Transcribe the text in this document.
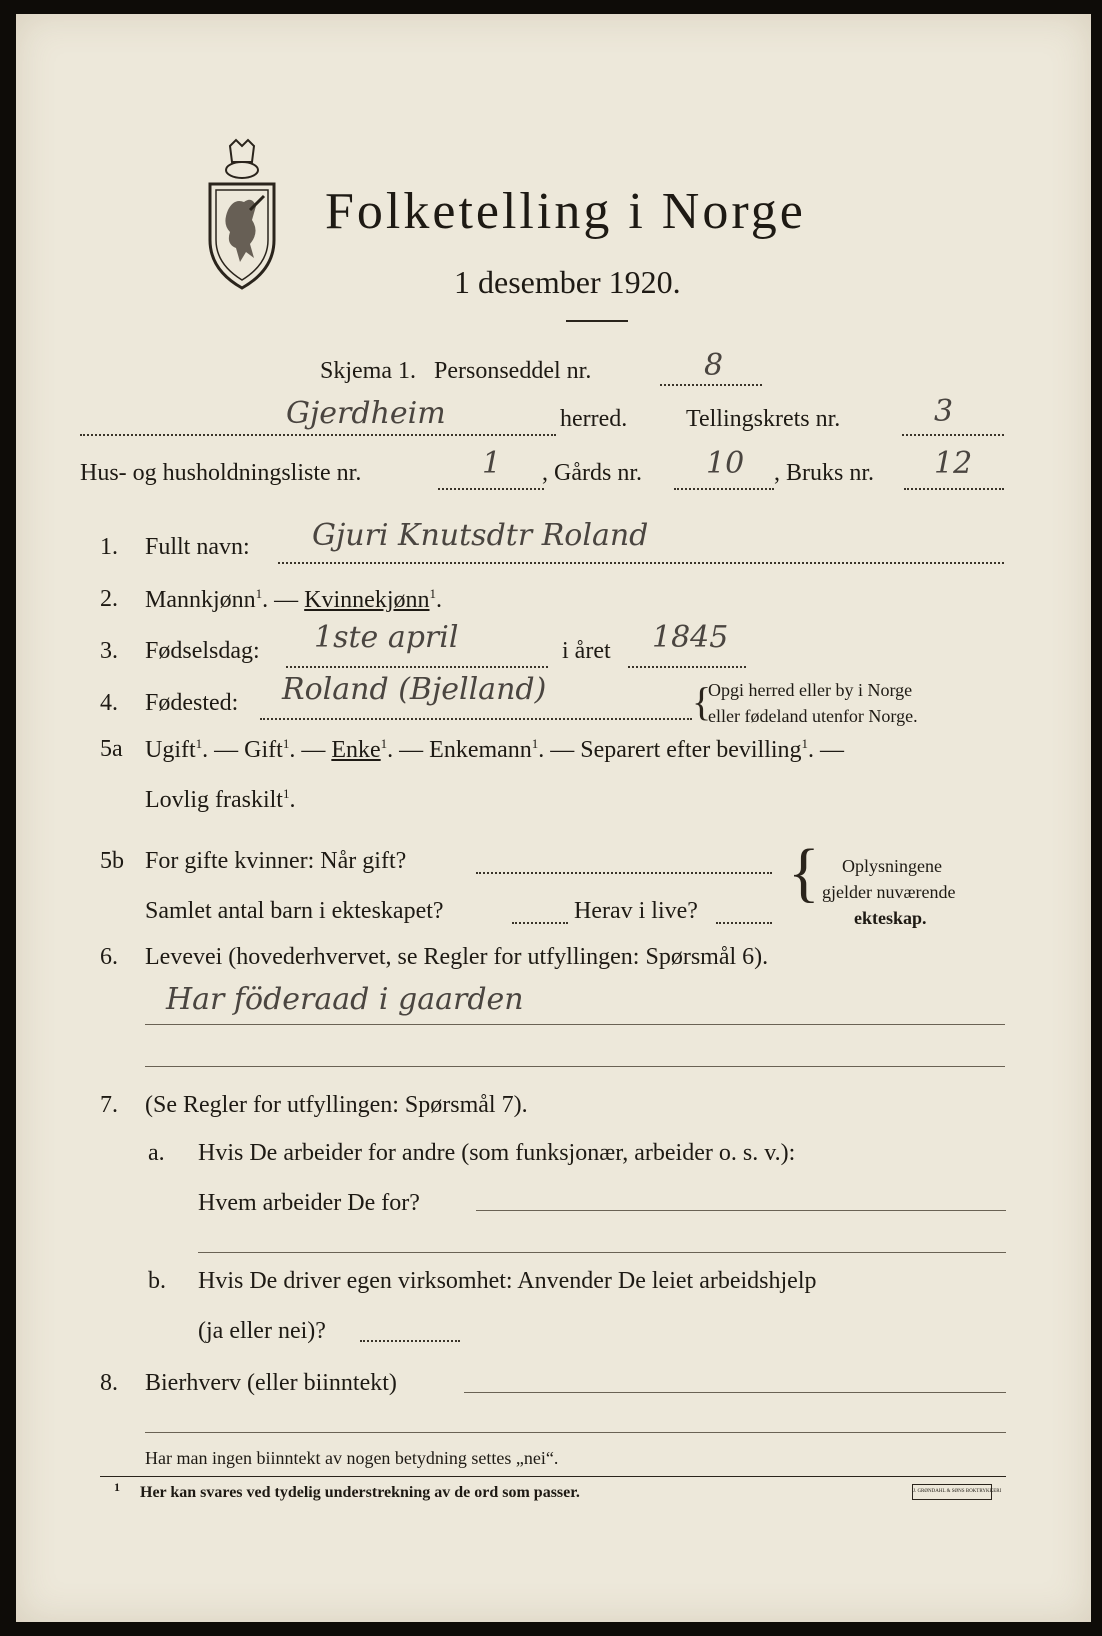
Folketelling i Norge
1 desember 1920.
Skjema 1. Personseddel nr.	8
Gjerdheim	herred. Tellingskrets nr.	3
Hus- og husholdningsliste nr.	1 , Gårds nr. 10 , Bruks nr. 12
1. Fullt navn: Gjuri Knutsdtr Roland
2. Mannkjønn$^1$. — Kvinnekjønn$^1$.
3. Fødselsdag: 1ste april	i året 1845
4. Fødested: Roland (Bjelland)	{
Opgi herred eller by i Norge
eller fødeland utenfor Norge.
5a Ugift$^1$. — Gift$^1$. — Enke$^1$. — Enkemann$^1$. — Separert efter bevilling$^1$. —
Lovlig fraskilt$^1$.
5b For gifte kvinner: Når gift?
Samlet antal barn i ekteskapet?	Herav i live?
{ Oplysningene
gjelder nuværende
ekteskap.
6. Levevei (hovederhvervet, se Regler for utfyllingen: Spørsmål 6).
Har föderaad i gaarden
7. (Se Regler for utfyllingen: Spørsmål 7).
a. Hvis De arbeider for andre (som funksjonær, arbeider o. s. v.):
Hvem arbeider De for?
b. Hvis De driver egen virksomhet: Anvender De leiet arbeidshjelp
(ja eller nei)?
8. Bierhverv (eller biinntekt)
Har man ingen biinntekt av nogen betydning settes „nei“.
1 Her kan svares ved tydelig understrekning av de ord som passer.	J. GRØNDAHL & SØNS BOKTRYKKERI
